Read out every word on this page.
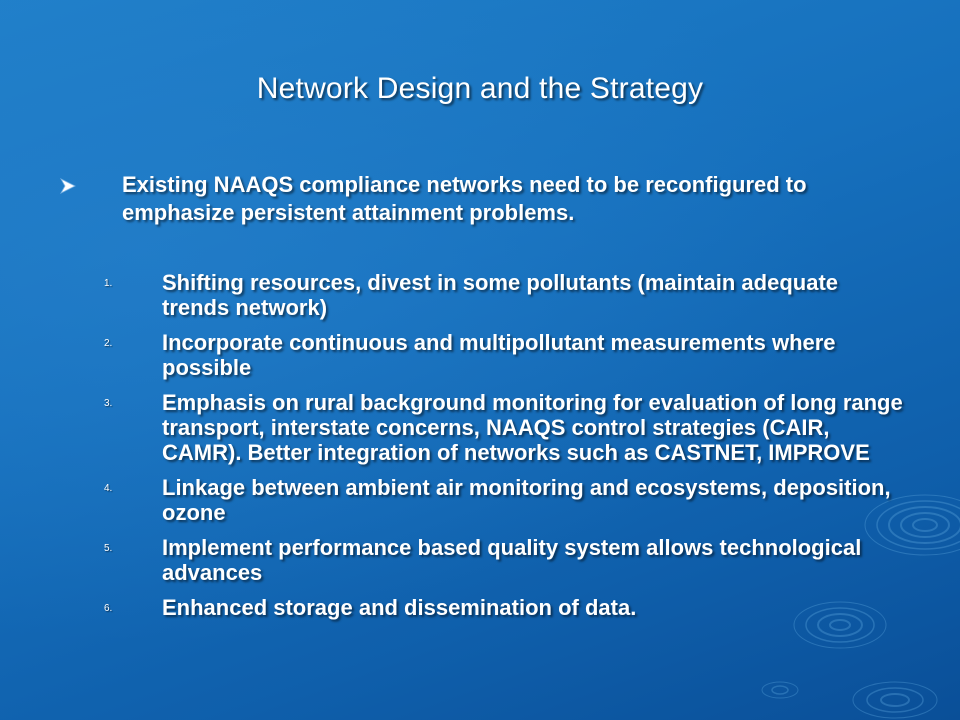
Network Design and the Strategy
Existing NAAQS compliance networks need to be reconfigured to emphasize persistent attainment problems.
1. Shifting resources, divest in some pollutants (maintain adequate trends network)
2. Incorporate continuous and multipollutant measurements where possible
3. Emphasis on rural background monitoring for evaluation of long range transport, interstate concerns, NAAQS control strategies (CAIR, CAMR). Better integration of networks such as CASTNET, IMPROVE
4. Linkage between ambient air monitoring and ecosystems, deposition, ozone
5. Implement performance based quality system allows technological advances
6. Enhanced storage and dissemination of data.
